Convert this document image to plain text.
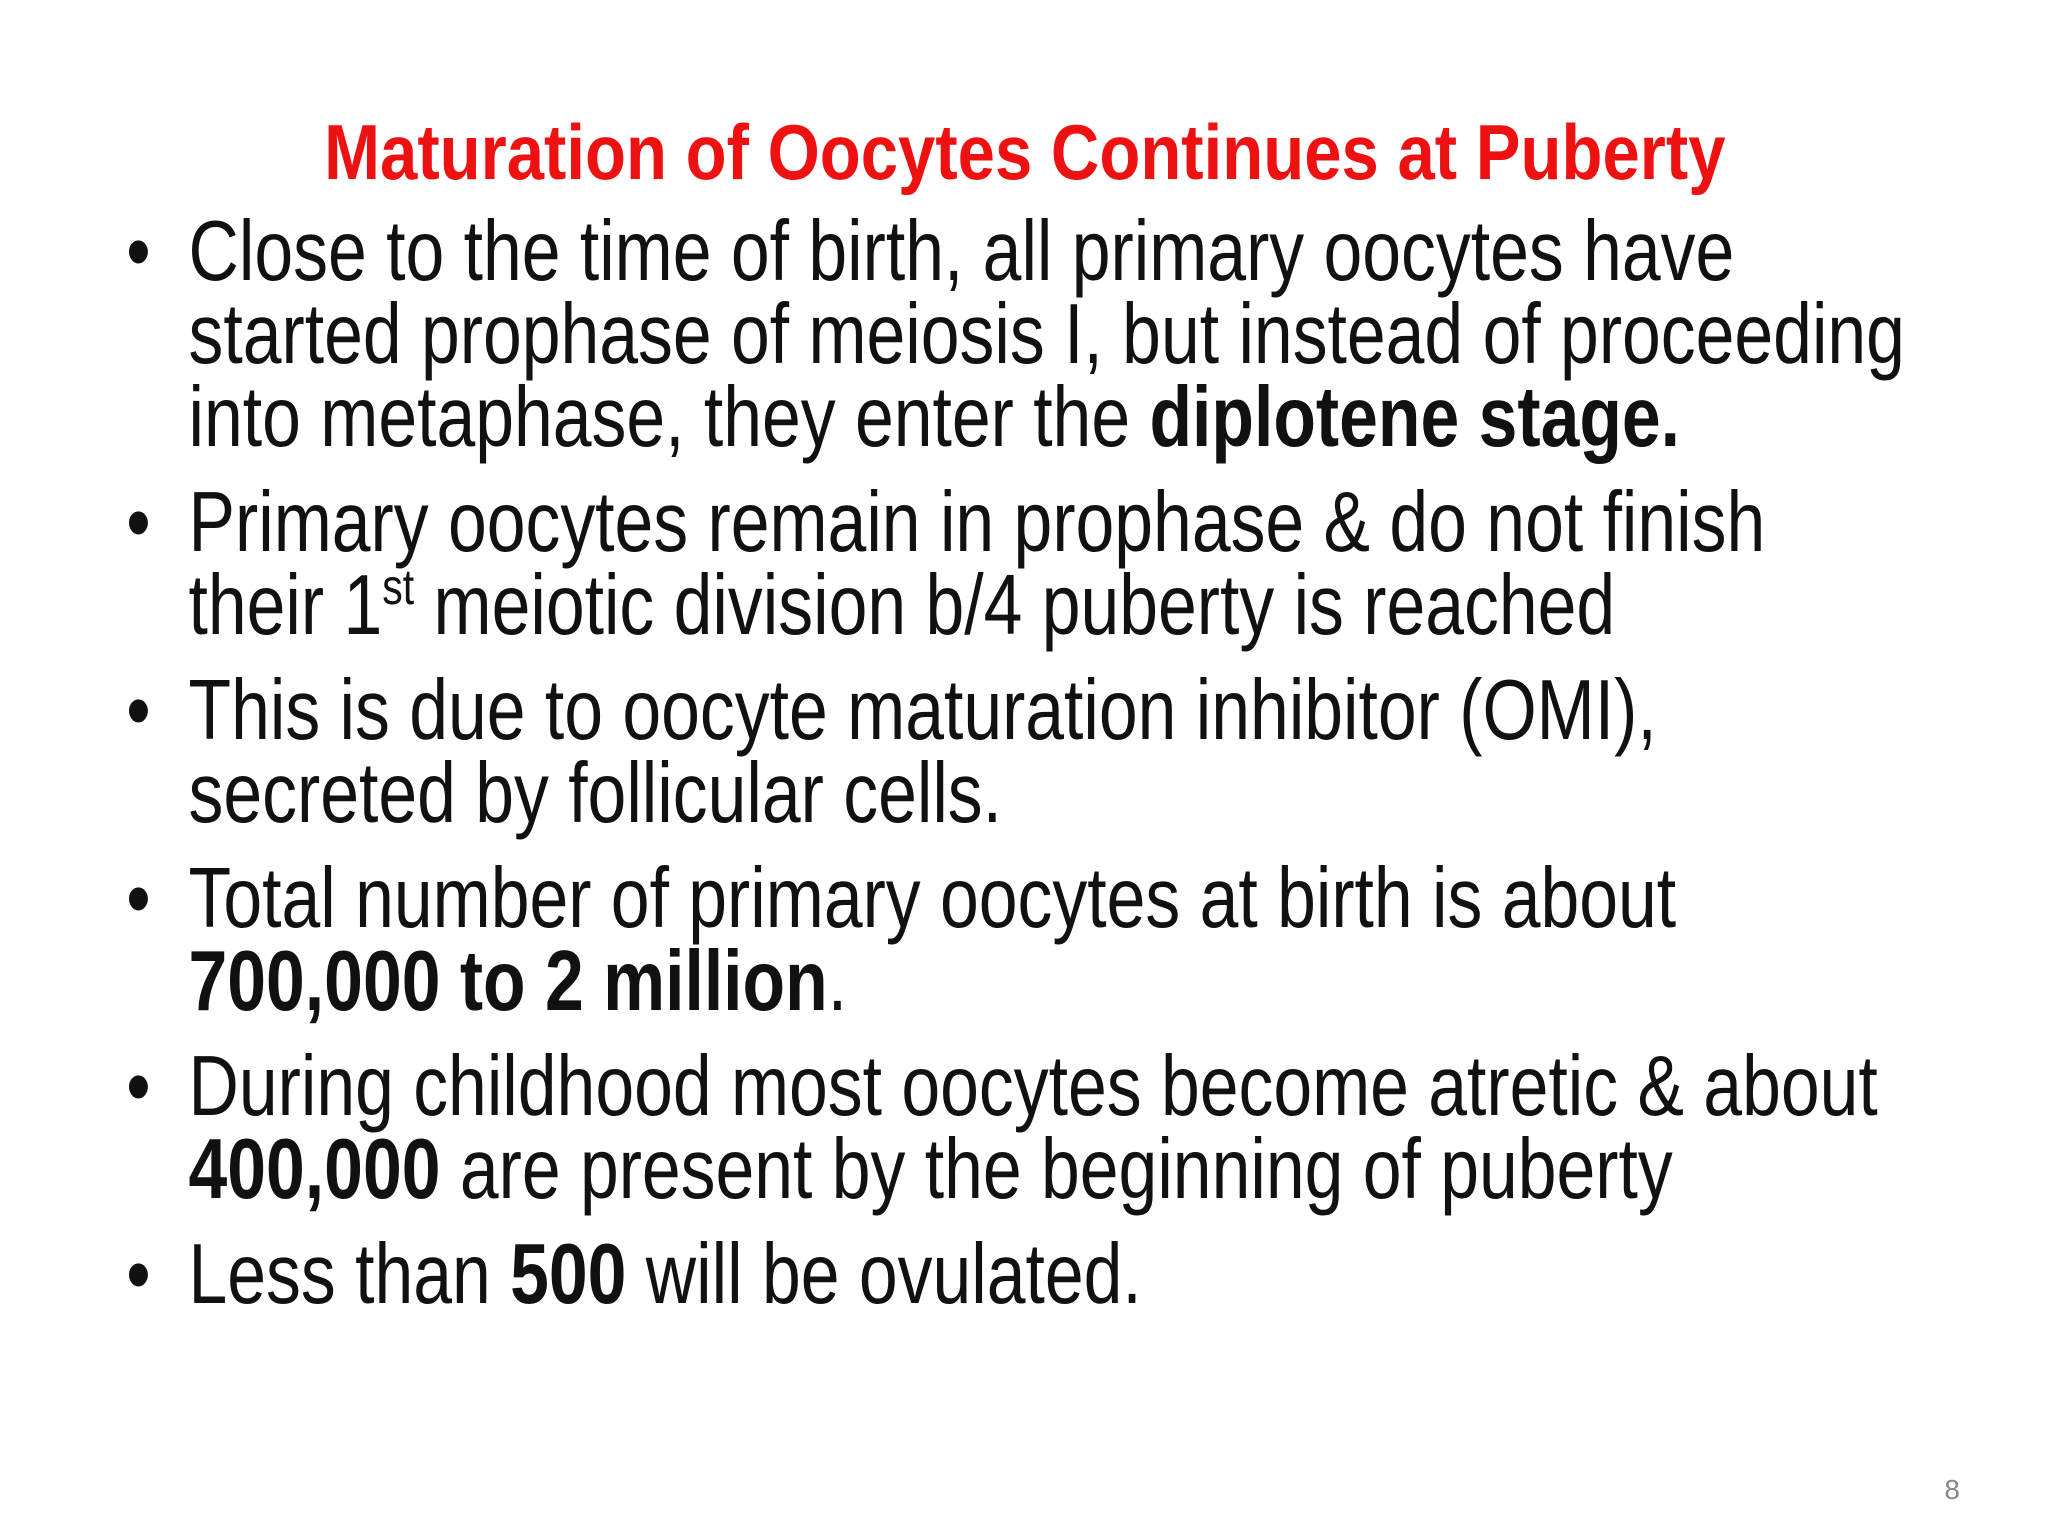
Maturation of Oocytes Continues at Puberty
• Close to the time of birth, all primary oocytes have
started prophase of meiosis I, but instead of proceeding
into metaphase, they enter the diplotene stage.
• Primary oocytes remain in prophase & do not finish
their 1st meiotic division b/4 puberty is reached
• This is due to oocyte maturation inhibitor (OMI),
secreted by follicular cells.
• Total number of primary oocytes at birth is about
700,000 to 2 million.
• During childhood most oocytes become atretic & about
400,000 are present by the beginning of puberty
• Less than 500 will be ovulated.
8
